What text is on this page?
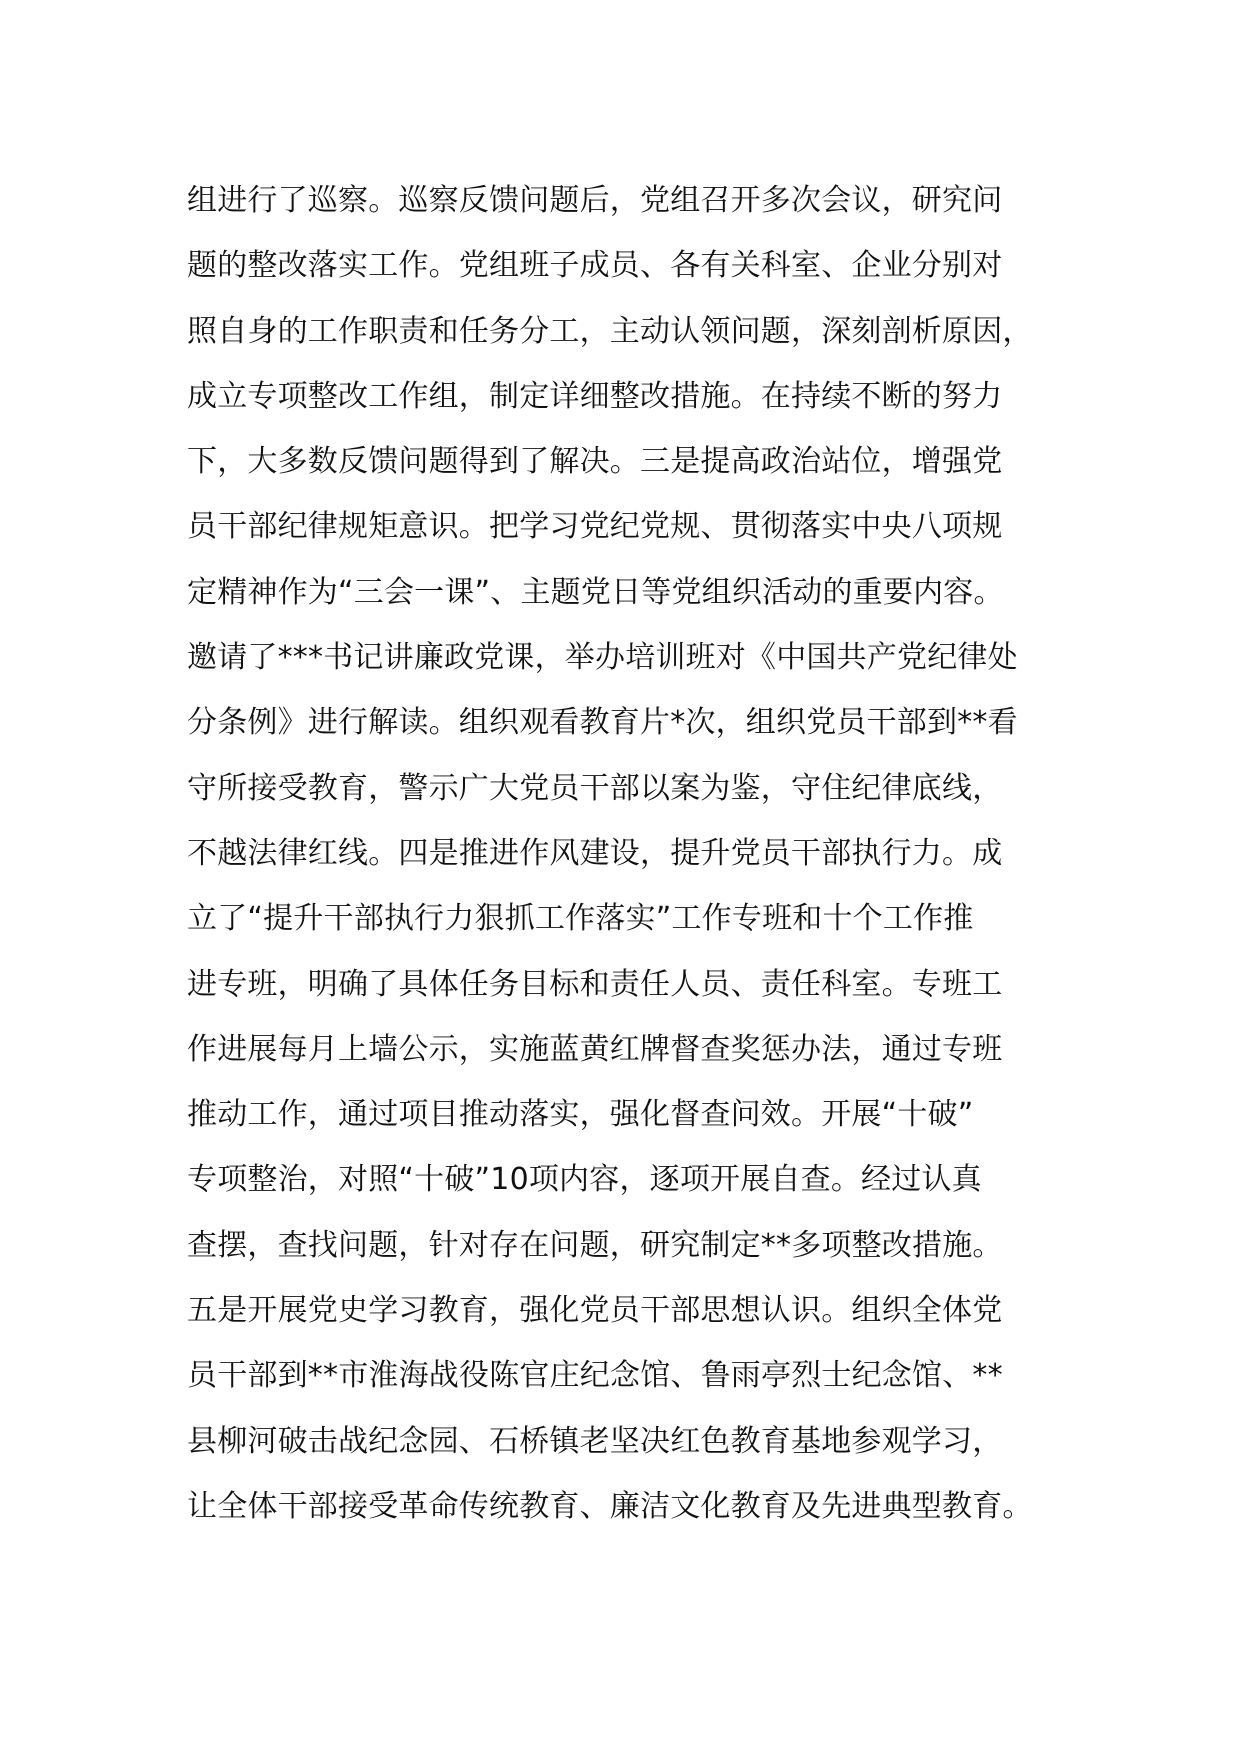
组进行了巡察。巡察反馈问题后，党组召开多次会议，研究问
题的整改落实工作。党组班子成员、各有关科室、企业分别对
照自身的工作职责和任务分工，主动认领问题，深刻剖析原因，
成立专项整改工作组，制定详细整改措施。在持续不断的努力
下，大多数反馈问题得到了解决。三是提高政治站位，增强党
员干部纪律规矩意识。把学习党纪党规、贯彻落实中央八项规
定精神作为“三会一课”、主题党日等党组织活动的重要内容。
邀请了***书记讲廉政党课，举办培训班对《中国共产党纪律处
分条例》进行解读。组织观看教育片*次，组织党员干部到**看
守所接受教育，警示广大党员干部以案为鉴，守住纪律底线，
不越法律红线。四是推进作风建设，提升党员干部执行力。成
立了“提升干部执行力狠抓工作落实”工作专班和十个工作推
进专班，明确了具体任务目标和责任人员、责任科室。专班工
作进展每月上墙公示，实施蓝黄红牌督查奖惩办法，通过专班
推动工作，通过项目推动落实，强化督查问效。开展“十破”
专项整治，对照“十破”10项内容，逐项开展自查。经过认真
查摆，查找问题，针对存在问题，研究制定**多项整改措施。
五是开展党史学习教育，强化党员干部思想认识。组织全体党
员干部到**市淮海战役陈官庄纪念馆、鲁雨亭烈士纪念馆、**
县柳河破击战纪念园、石桥镇老坚决红色教育基地参观学习，
让全体干部接受革命传统教育、廉洁文化教育及先进典型教育。
